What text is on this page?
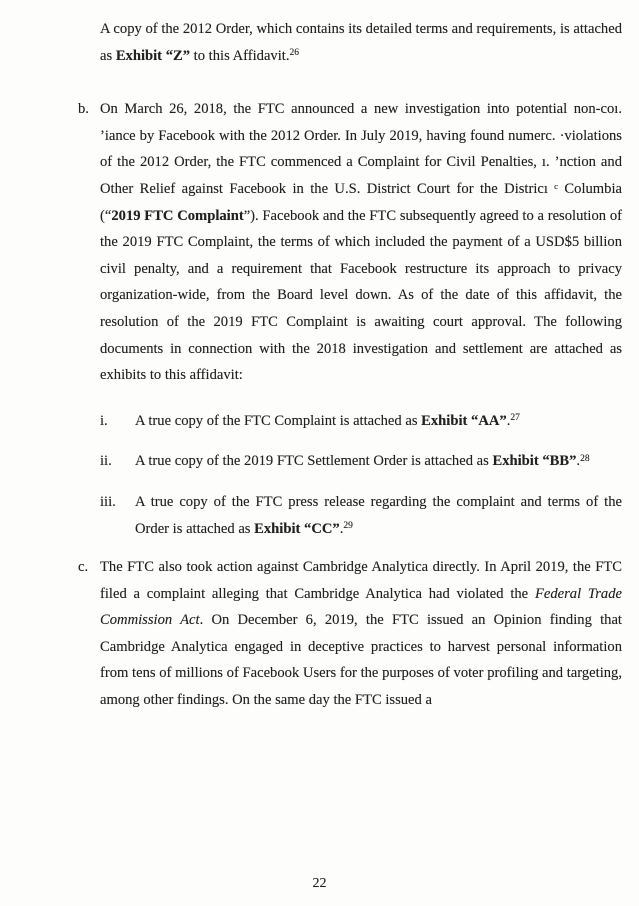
A copy of the 2012 Order, which contains its detailed terms and requirements, is attached as Exhibit “Z” to this Affidavit.$^{26}$

b. On March 26, 2018, the FTC announced a new investigation into potential non-coı. ’iance by Facebook with the 2012 Order. In July 2019, having found numerc. ·violations of the 2012 Order, the FTC commenced a Complaint for Civil Penalties, ı. ’nction and Other Relief against Facebook in the U.S. District Court for the Districı ᶜ Columbia (“2019 FTC Complaint”). Facebook and the FTC subsequently agreed to a resolution of the 2019 FTC Complaint, the terms of which included the payment of a USD$5 billion civil penalty, and a requirement that Facebook restructure its approach to privacy organization-wide, from the Board level down. As of the date of this affidavit, the resolution of the 2019 FTC Complaint is awaiting court approval. The following documents in connection with the 2018 investigation and settlement are attached as exhibits to this affidavit:

i. A true copy of the FTC Complaint is attached as Exhibit “AA”.$^{27}$

ii. A true copy of the 2019 FTC Settlement Order is attached as Exhibit “BB”.$^{28}$

iii. A true copy of the FTC press release regarding the complaint and terms of the Order is attached as Exhibit “CC”.$^{29}$

c. The FTC also took action against Cambridge Analytica directly. In April 2019, the FTC filed a complaint alleging that Cambridge Analytica had violated the Federal Trade Commission Act. On December 6, 2019, the FTC issued an Opinion finding that Cambridge Analytica engaged in deceptive practices to harvest personal information from tens of millions of Facebook Users for the purposes of voter profiling and targeting, among other findings. On the same day the FTC issued a

22
